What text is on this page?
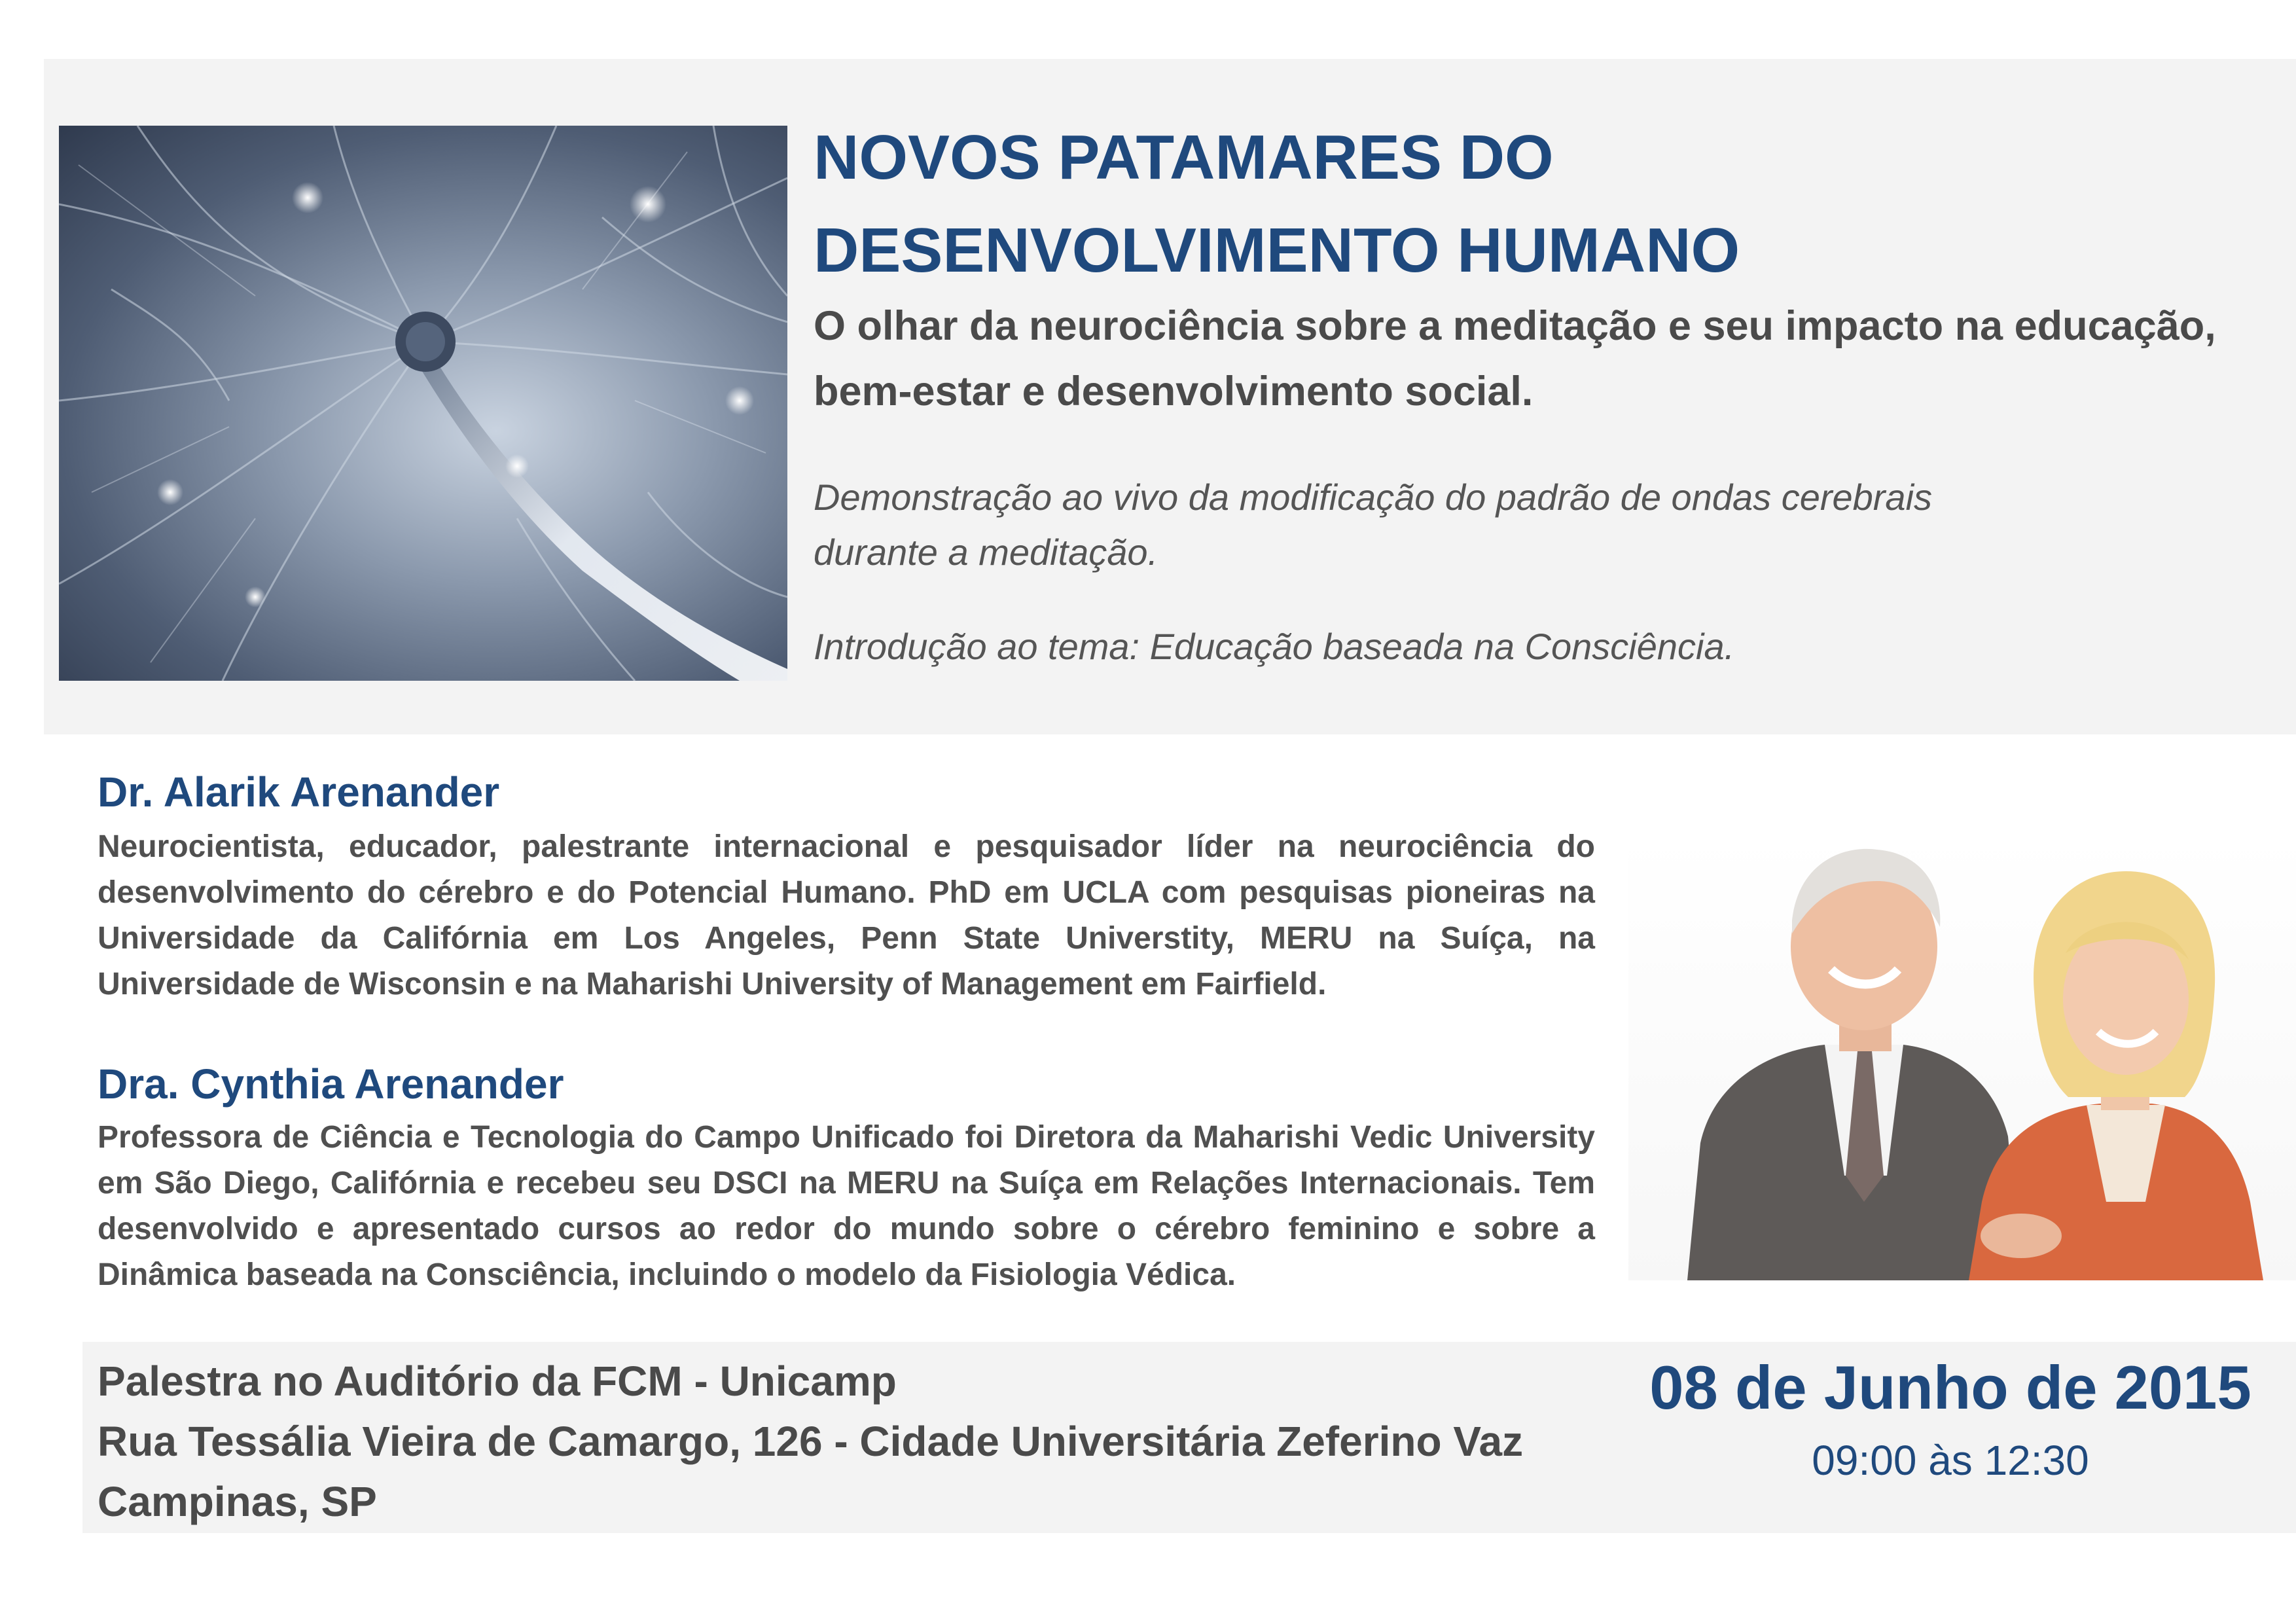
NOVOS PATAMARES DO
DESENVOLVIMENTO HUMANO

O olhar da neurociência sobre a meditação e seu impacto na educação,
bem-estar e desenvolvimento social.

Demonstração ao vivo da modificação do padrão de ondas cerebrais
durante a meditação.

Introdução ao tema: Educação baseada na Consciência.

Dr. Alarik Arenander

Neurocientista, educador, palestrante internacional e pesquisador líder na neurociência do desenvolvimento do cérebro e do Potencial Humano. PhD em UCLA com pesquisas pioneiras na Universidade da Califórnia em Los Angeles, Penn State Universtity, MERU na Suíça, na Universidade de Wisconsin e na Maharishi University of Management em Fairfield.

Dra. Cynthia Arenander

Professora de Ciência e Tecnologia do Campo Unificado foi Diretora da Maharishi Vedic University em São Diego, Califórnia e recebeu seu DSCI na MERU na Suíça em Relações Internacionais. Tem desenvolvido e apresentado cursos ao redor do mundo sobre o cérebro feminino e sobre a Dinâmica baseada na Consciência, incluindo o modelo da Fisiologia Védica.

Palestra no Auditório da FCM - Unicamp

Rua Tessália Vieira de Camargo, 126 - Cidade Universitária Zeferino Vaz

Campinas, SP

08 de Junho de 2015

09:00 às 12:30
